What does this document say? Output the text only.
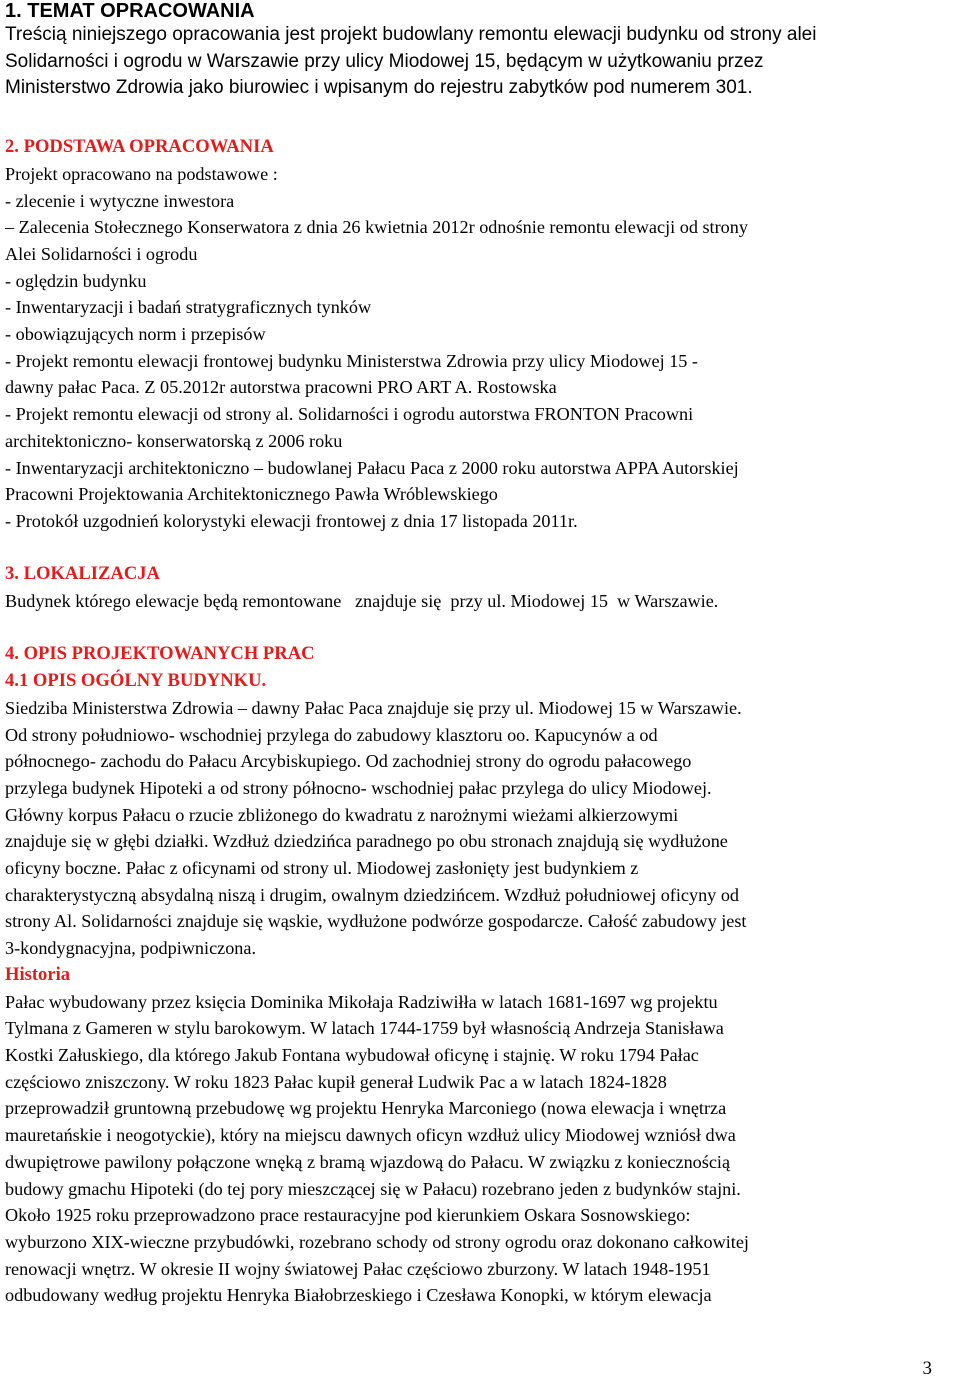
1. TEMAT OPRACOWANIA
Treścią niniejszego opracowania jest projekt budowlany remontu elewacji budynku od strony alei
Solidarności i ogrodu w Warszawie przy ulicy Miodowej 15, będącym w użytkowaniu przez
Ministerstwo Zdrowia jako biurowiec i wpisanym do rejestru zabytków pod numerem 301.
2. PODSTAWA OPRACOWANIA
Projekt opracowano na podstawowe :
- zlecenie i wytyczne inwestora
– Zalecenia Stołecznego Konserwatora z dnia 26 kwietnia 2012r odnośnie remontu elewacji od strony
Alei Solidarności i ogrodu
- oględzin budynku
- Inwentaryzacji i badań stratygraficznych tynków
- obowiązujących norm i przepisów
- Projekt remontu elewacji frontowej budynku Ministerstwa Zdrowia przy ulicy Miodowej 15 -
dawny pałac Paca. Z 05.2012r autorstwa pracowni PRO ART A. Rostowska
- Projekt remontu elewacji od strony al. Solidarności i ogrodu autorstwa FRONTON Pracowni
architektoniczno- konserwatorską z 2006 roku
- Inwentaryzacji architektoniczno – budowlanej Pałacu Paca z 2000 roku autorstwa APPA Autorskiej
Pracowni Projektowania Architektonicznego Pawła Wróblewskiego
- Protokół uzgodnień kolorystyki elewacji frontowej z dnia 17 listopada 2011r.
3. LOKALIZACJA
Budynek którego elewacje będą remontowane   znajduje się  przy ul. Miodowej 15  w Warszawie.
4. OPIS PROJEKTOWANYCH PRAC
4.1 OPIS OGÓLNY BUDYNKU.
Siedziba Ministerstwa Zdrowia – dawny Pałac Paca znajduje się przy ul. Miodowej 15 w Warszawie.
Od strony południowo- wschodniej przylega do zabudowy klasztoru oo. Kapucynów a od
północnego- zachodu do Pałacu Arcybiskupiego. Od zachodniej strony do ogrodu pałacowego
przylega budynek Hipoteki a od strony północno- wschodniej pałac przylega do ulicy Miodowej.
Główny korpus Pałacu o rzucie zbliżonego do kwadratu z narożnymi wieżami alkierzowymi
znajduje się w głębi działki. Wzdłuż dziedzińca paradnego po obu stronach znajdują się wydłużone
oficyny boczne. Pałac z oficynami od strony ul. Miodowej zasłonięty jest budynkiem z
charakterystyczną absydalną niszą i drugim, owalnym dziedzińcem. Wzdłuż południowej oficyny od
strony Al. Solidarności znajduje się wąskie, wydłużone podwórze gospodarcze. Całość zabudowy jest
3-kondygnacyjna, podpiwniczona.
Historia
Pałac wybudowany przez księcia Dominika Mikołaja Radziwiłła w latach 1681-1697 wg projektu
Tylmana z Gameren w stylu barokowym. W latach 1744-1759 był własnością Andrzeja Stanisława
Kostki Załuskiego, dla którego Jakub Fontana wybudował oficynę i stajnię. W roku 1794 Pałac
częściowo zniszczony. W roku 1823 Pałac kupił generał Ludwik Pac a w latach 1824-1828
przeprowadził gruntowną przebudowę wg projektu Henryka Marconiego (nowa elewacja i wnętrza
mauretańskie i neogotyckie), który na miejscu dawnych oficyn wzdłuż ulicy Miodowej wzniósł dwa
dwupiętrowe pawilony połączone wnęką z bramą wjazdową do Pałacu. W związku z koniecznością
budowy gmachu Hipoteki (do tej pory mieszczącej się w Pałacu) rozebrano jeden z budynków stajni.
Około 1925 roku przeprowadzono prace restauracyjne pod kierunkiem Oskara Sosnowskiego:
wyburzono XIX-wieczne przybudówki, rozebrano schody od strony ogrodu oraz dokonano całkowitej
renowacji wnętrz. W okresie II wojny światowej Pałac częściowo zburzony. W latach 1948-1951
odbudowany według projektu Henryka Białobrzeskiego i Czesława Konopki, w którym elewacja
3
